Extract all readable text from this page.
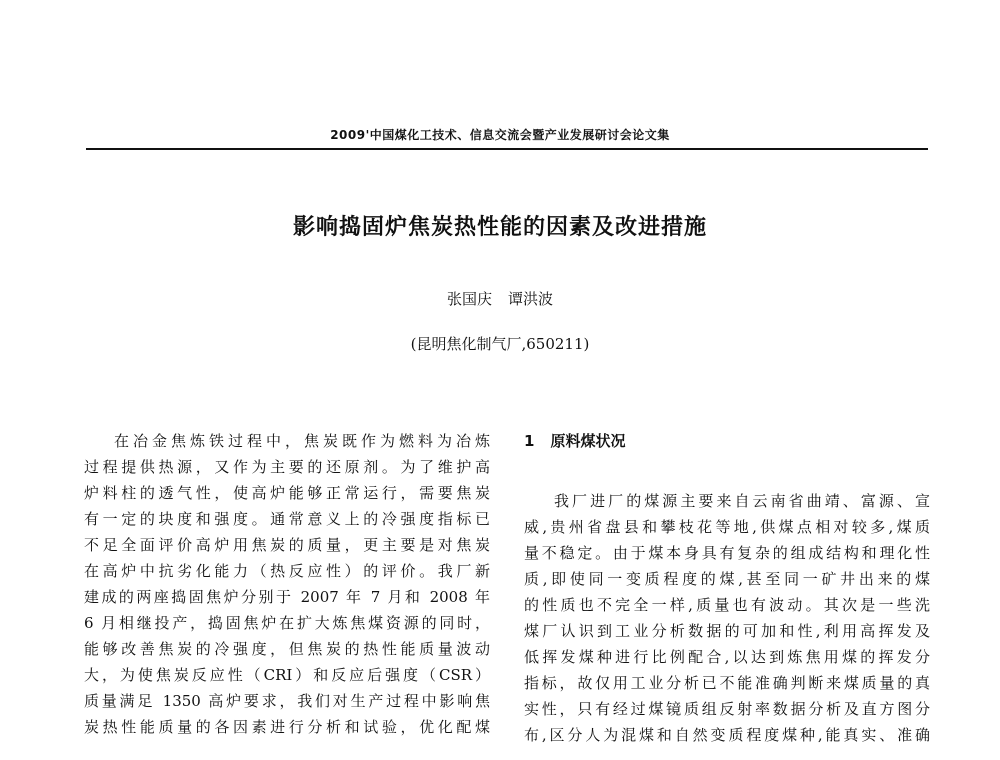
2009'中国煤化工技术、信息交流会暨产业发展研讨会论文集
影响捣固炉焦炭热性能的因素及改进措施
张国庆 谭洪波
(昆明焦化制气厂,650211)
在冶金焦炼铁过程中，焦炭既作为燃料为冶炼
过程提供热源，又作为主要的还原剂。为了维护高
炉料柱的透气性，使高炉能够正常运行，需要焦炭
有一定的块度和强度。通常意义上的冷强度指标已
不足全面评价高炉用焦炭的质量，更主要是对焦炭
在高炉中抗劣化能力（热反应性）的评价。我厂新
建成的两座捣固焦炉分别于 2007 年 7 月和 2008 年
6 月相继投产，捣固焦炉在扩大炼焦煤资源的同时，
能够改善焦炭的冷强度，但焦炭的热性能质量波动
大，为使焦炭反应性（CRI）和反应后强度（CSR）
质量满足 1350 高炉要求，我们对生产过程中影响焦
炭热性能质量的各因素进行分析和试验，优化配煤
1 原料煤状况
我厂进厂的煤源主要来自云南省曲靖、富源、宣
威,贵州省盘县和攀枝花等地,供煤点相对较多,煤质
量不稳定。由于煤本身具有复杂的组成结构和理化性
质,即使同一变质程度的煤,甚至同一矿井出来的煤
的性质也不完全一样,质量也有波动。其次是一些洗
煤厂认识到工业分析数据的可加和性,利用高挥发及
低挥发煤种进行比例配合,以达到炼焦用煤的挥发分
指标，故仅用工业分析已不能准确判断来煤质量的真
实性，只有经过煤镜质组反射率数据分析及直方图分
布,区分人为混煤和自然变质程度煤种,能真实、准确
